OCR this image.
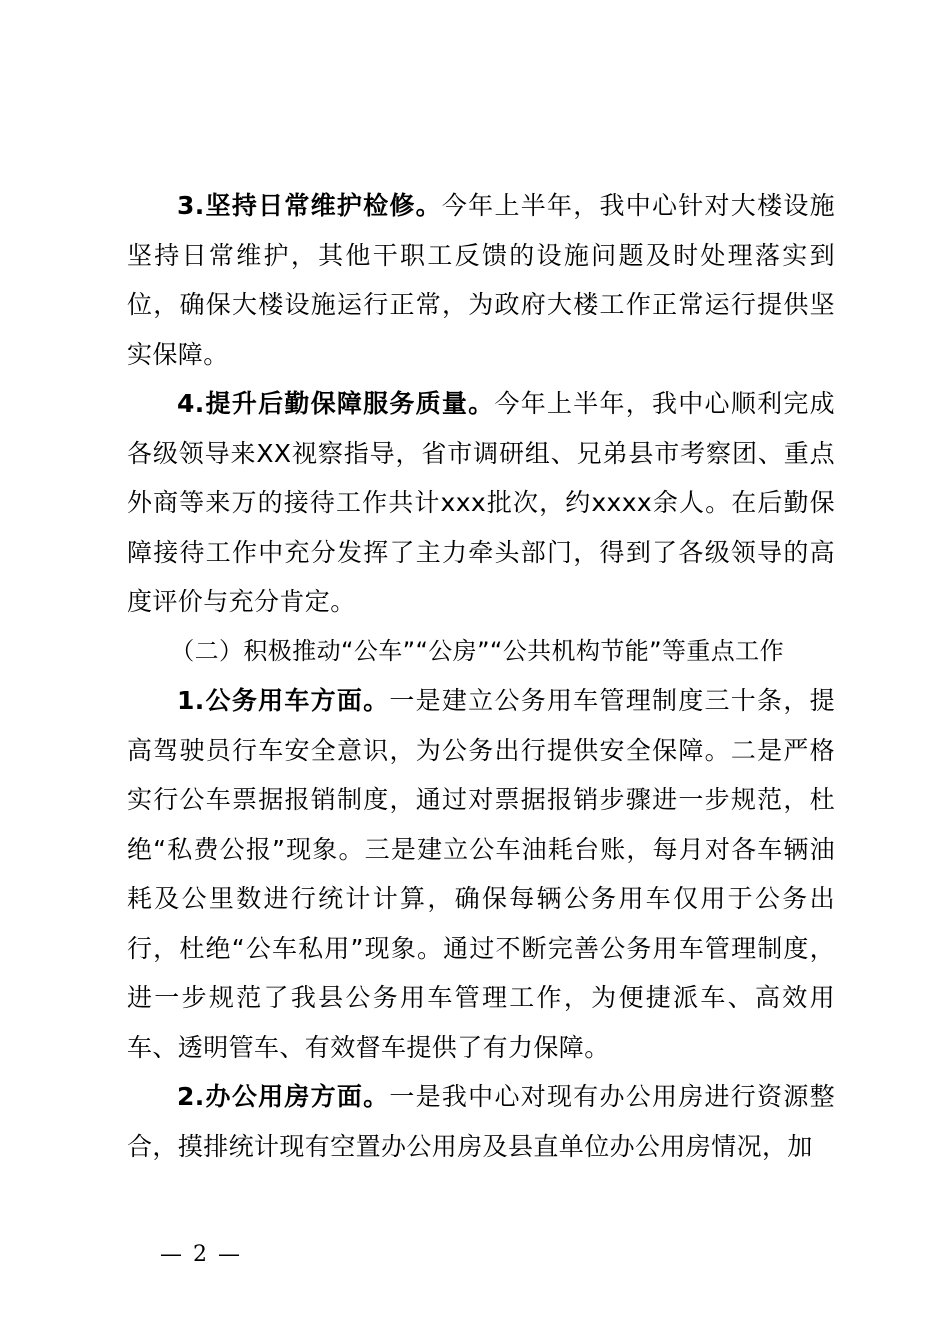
3.坚持日常维护检修。今年上半年，我中心针对大楼设施坚持日常维护，其他干职工反馈的设施问题及时处理落实到位，确保大楼设施运行正常，为政府大楼工作正常运行提供坚实保障。

4.提升后勤保障服务质量。今年上半年，我中心顺利完成各级领导来XX视察指导，省市调研组、兄弟县市考察团、重点外商等来万的接待工作共计xxx批次，约xxxx余人。在后勤保障接待工作中充分发挥了主力牵头部门，得到了各级领导的高度评价与充分肯定。

（二）积极推动“公车”“公房”“公共机构节能”等重点工作

1.公务用车方面。一是建立公务用车管理制度三十条，提高驾驶员行车安全意识，为公务出行提供安全保障。二是严格实行公车票据报销制度，通过对票据报销步骤进一步规范，杜绝“私费公报”现象。三是建立公车油耗台账，每月对各车辆油耗及公里数进行统计计算，确保每辆公务用车仅用于公务出行，杜绝“公车私用”现象。通过不断完善公务用车管理制度，进一步规范了我县公务用车管理工作，为便捷派车、高效用车、透明管车、有效督车提供了有力保障。

2.办公用房方面。一是我中心对现有办公用房进行资源整合，摸排统计现有空置办公用房及县直单位办公用房情况，加

— 2 —
